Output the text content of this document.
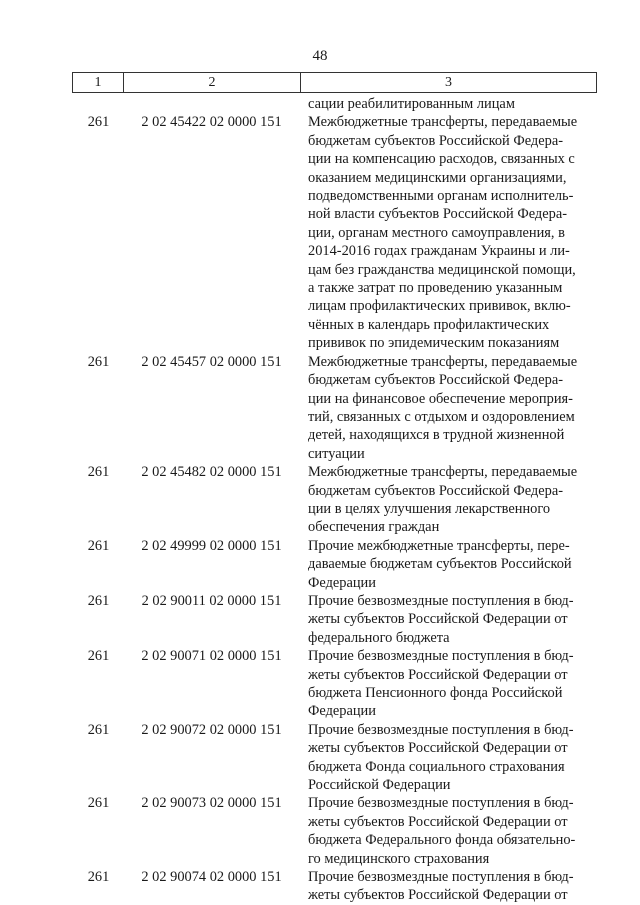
48
1	2	3
сации реабилитированным лицам
261	2 02 45422 02 0000 151	Межбюджетные трансферты, передаваемые
бюджетам субъектов Российской Федера-
ции на компенсацию расходов, связанных с
оказанием медицинскими организациями,
подведомственными органам исполнитель-
ной власти субъектов Российской Федера-
ции, органам местного самоуправления, в
2014-2016 годах гражданам Украины и ли-
цам без гражданства медицинской помощи,
а также затрат по проведению указанным
лицам профилактических прививок, вклю-
чённых в календарь профилактических
прививок по эпидемическим показаниям
261	2 02 45457 02 0000 151	Межбюджетные трансферты, передаваемые
бюджетам субъектов Российской Федера-
ции на финансовое обеспечение мероприя-
тий, связанных с отдыхом и оздоровлением
детей, находящихся в трудной жизненной
ситуации
261	2 02 45482 02 0000 151	Межбюджетные трансферты, передаваемые
бюджетам субъектов Российской Федера-
ции в целях улучшения лекарственного
обеспечения граждан
261	2 02 49999 02 0000 151	Прочие межбюджетные трансферты, пере-
даваемые бюджетам субъектов Российской
Федерации
261	2 02 90011 02 0000 151	Прочие безвозмездные поступления в бюд-
жеты субъектов Российской Федерации от
федерального бюджета
261	2 02 90071 02 0000 151	Прочие безвозмездные поступления в бюд-
жеты субъектов Российской Федерации от
бюджета Пенсионного фонда Российской
Федерации
261	2 02 90072 02 0000 151	Прочие безвозмездные поступления в бюд-
жеты субъектов Российской Федерации от
бюджета Фонда социального страхования
Российской Федерации
261	2 02 90073 02 0000 151	Прочие безвозмездные поступления в бюд-
жеты субъектов Российской Федерации от
бюджета Федерального фонда обязательно-
го медицинского страхования
261	2 02 90074 02 0000 151	Прочие безвозмездные поступления в бюд-
жеты субъектов Российской Федерации от
